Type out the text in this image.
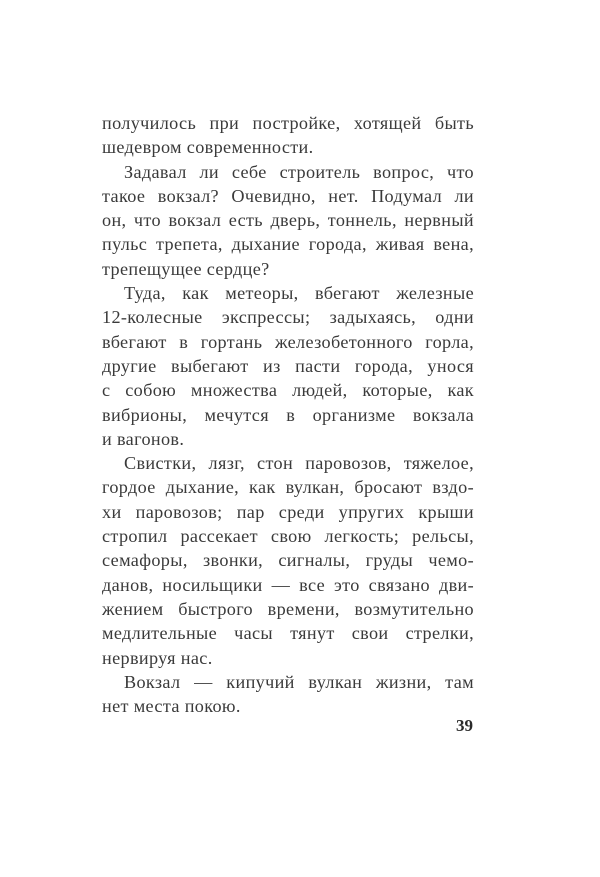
получилось при постройке, хотящей быть
шедевром современности.
Задавал ли себе строитель вопрос, что
такое вокзал? Очевидно, нет. Подумал ли
он, что вокзал есть дверь, тоннель, нервный
пульс трепета, дыхание города, живая вена,
трепещущее сердце?
Туда, как метеоры, вбегают железные
12-колесные экспрессы; задыхаясь, одни
вбегают в гортань железобетонного горла,
другие выбегают из пасти города, унося
с собою множества людей, которые, как
вибрионы, мечутся в организме вокзала
и вагонов.
Свистки, лязг, стон паровозов, тяжелое,
гордое дыхание, как вулкан, бросают вздо-
хи паровозов; пар среди упругих крыши
стропил рассекает свою легкость; рельсы,
семафоры, звонки, сигналы, груды чемо-
данов, носильщики — все это связано дви-
жением быстрого времени, возмутительно
медлительные часы тянут свои стрелки,
нервируя нас.
Вокзал — кипучий вулкан жизни, там
нет места покою.
39
